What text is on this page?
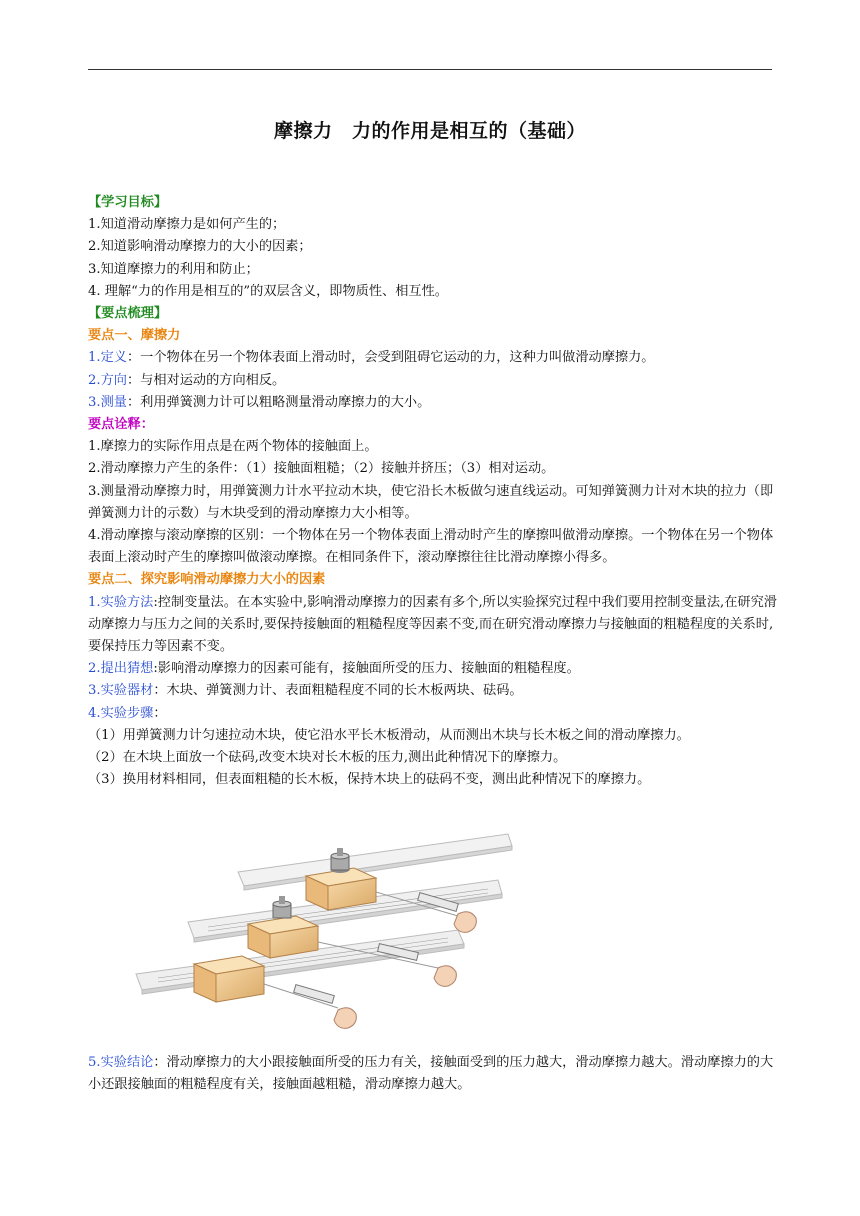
摩擦力　力的作用是相互的（基础）
【学习目标】
1.知道滑动摩擦力是如何产生的；
2.知道影响滑动摩擦力的大小的因素；
3.知道摩擦力的利用和防止；
4. 理解“力的作用是相互的”的双层含义，即物质性、相互性。
【要点梳理】
要点一、摩擦力
1.定义：一个物体在另一个物体表面上滑动时，会受到阻碍它运动的力，这种力叫做滑动摩擦力。
2.方向：与相对运动的方向相反。
3.测量：利用弹簧测力计可以粗略测量滑动摩擦力的大小。
要点诠释：
1.摩擦力的实际作用点是在两个物体的接触面上。
2.滑动摩擦力产生的条件：（1）接触面粗糙；（2）接触并挤压；（3）相对运动。
3.测量滑动摩擦力时，用弹簧测力计水平拉动木块，使它沿长木板做匀速直线运动。可知弹簧测力计对木块的拉力（即弹簧测力计的示数）与木块受到的滑动摩擦力大小相等。
4.滑动摩擦与滚动摩擦的区别：一个物体在另一个物体表面上滑动时产生的摩擦叫做滑动摩擦。一个物体在另一个物体表面上滚动时产生的摩擦叫做滚动摩擦。在相同条件下，滚动摩擦往往比滑动摩擦小得多。
要点二、探究影响滑动摩擦力大小的因素
1.实验方法:控制变量法。在本实验中,影响滑动摩擦力的因素有多个,所以实验探究过程中我们要用控制变量法,在研究滑动摩擦力与压力之间的关系时,要保持接触面的粗糙程度等因素不变,而在研究滑动摩擦力与接触面的粗糙程度的关系时,要保持压力等因素不变。
2.提出猜想:影响滑动摩擦力的因素可能有，接触面所受的压力、接触面的粗糙程度。
3.实验器材：木块、弹簧测力计、表面粗糙程度不同的长木板两块、砝码。
4.实验步骤：
（1）用弹簧测力计匀速拉动木块，使它沿水平长木板滑动，从而测出木块与长木板之间的滑动摩擦力。
（2）在木块上面放一个砝码,改变木块对长木板的压力,测出此种情况下的摩擦力。
（3）换用材料相同，但表面粗糙的长木板，保持木块上的砝码不变，测出此种情况下的摩擦力。
5.实验结论：滑动摩擦力的大小跟接触面所受的压力有关，接触面受到的压力越大，滑动摩擦力越大。滑动摩擦力的大小还跟接触面的粗糙程度有关，接触面越粗糙，滑动摩擦力越大。
